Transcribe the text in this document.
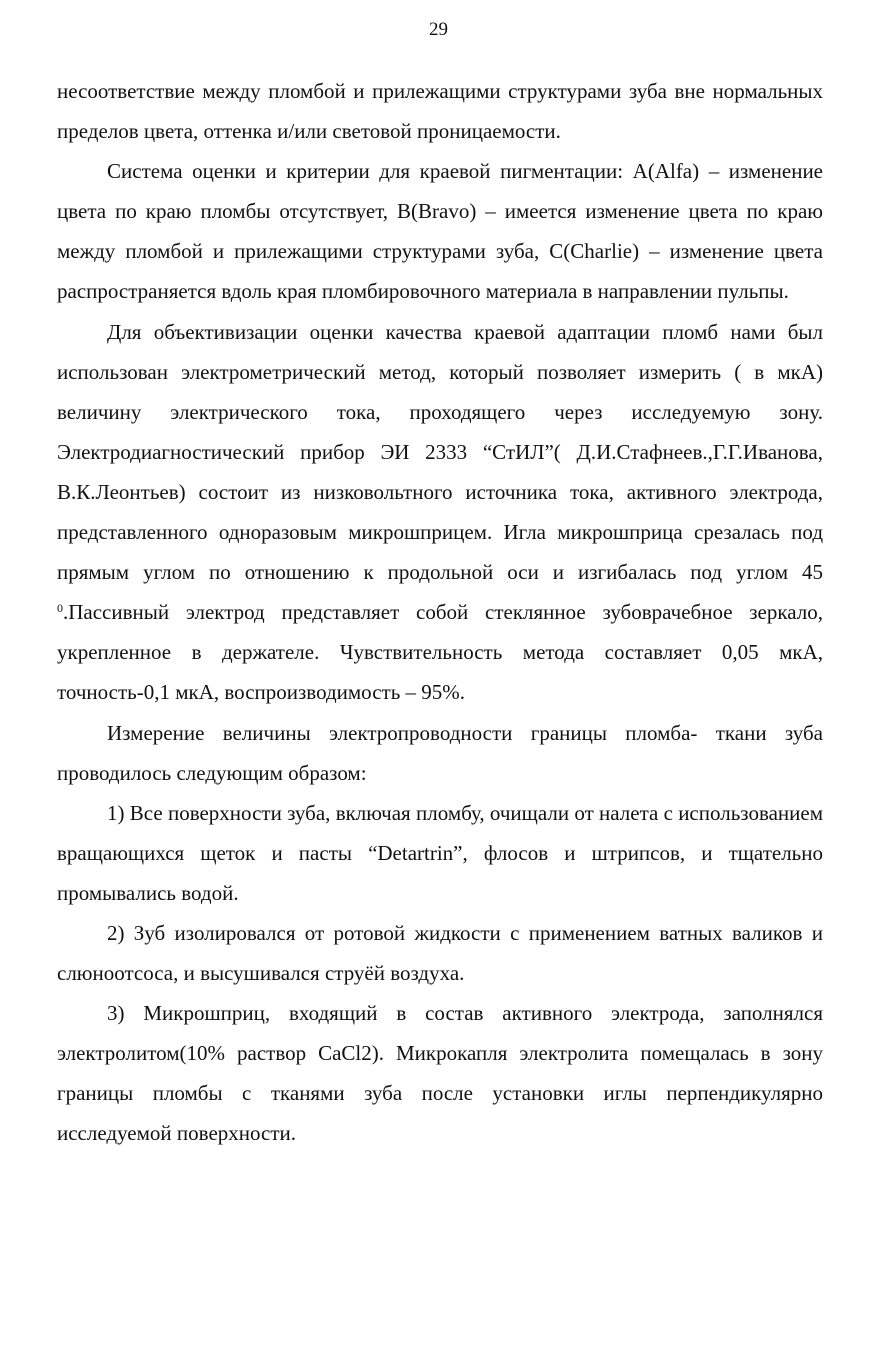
29

несоответствие между пломбой и прилежащими структурами зуба вне нормальных пределов цвета, оттенка и/или световой проницаемости.

Система оценки и критерии для краевой пигментации: A(Alfa) – изменение цвета по краю пломбы отсутствует, B(Bravo) – имеется изменение цвета по краю между пломбой и прилежащими структурами зуба, C(Charlie) – изменение цвета распространяется вдоль края пломбировочного материала в направлении пульпы.

Для объективизации оценки качества краевой адаптации пломб нами был использован электрометрический метод, который позволяет измерить ( в мкА) величину электрического тока, проходящего через исследуемую зону. Электродиагностический прибор ЭИ 2333 “СтИЛ”( Д.И.Стафнеев.,Г.Г.Иванова, В.К.Леонтьев) состоит из низковольтного источника тока, активного электрода, представленного одноразовым микрошприцем. Игла микрошприца срезалась под прямым углом по отношению к продольной оси и изгибалась под углом 45 $^0$.Пассивный электрод представляет собой стеклянное зубоврачебное зеркало, укрепленное в держателе. Чувствительность метода составляет 0,05 мкА, точность-0,1 мкА, воспроизводимость – 95%.

Измерение величины электропроводности границы пломба- ткани зуба проводилось следующим образом:

1) Все поверхности зуба, включая пломбу, очищали от налета с использованием вращающихся щеток и пасты “Detartrin”, флосов и штрипсов, и тщательно промывались водой.

2) Зуб изолировался от ротовой жидкости с применением ватных валиков и слюноотсоса, и высушивался струёй воздуха.

3) Микрошприц, входящий в состав активного электрода, заполнялся электролитом(10% раствор CaCl2). Микрокапля электролита помещалась в зону границы пломбы с тканями зуба после установки иглы перпендикулярно исследуемой поверхности.
